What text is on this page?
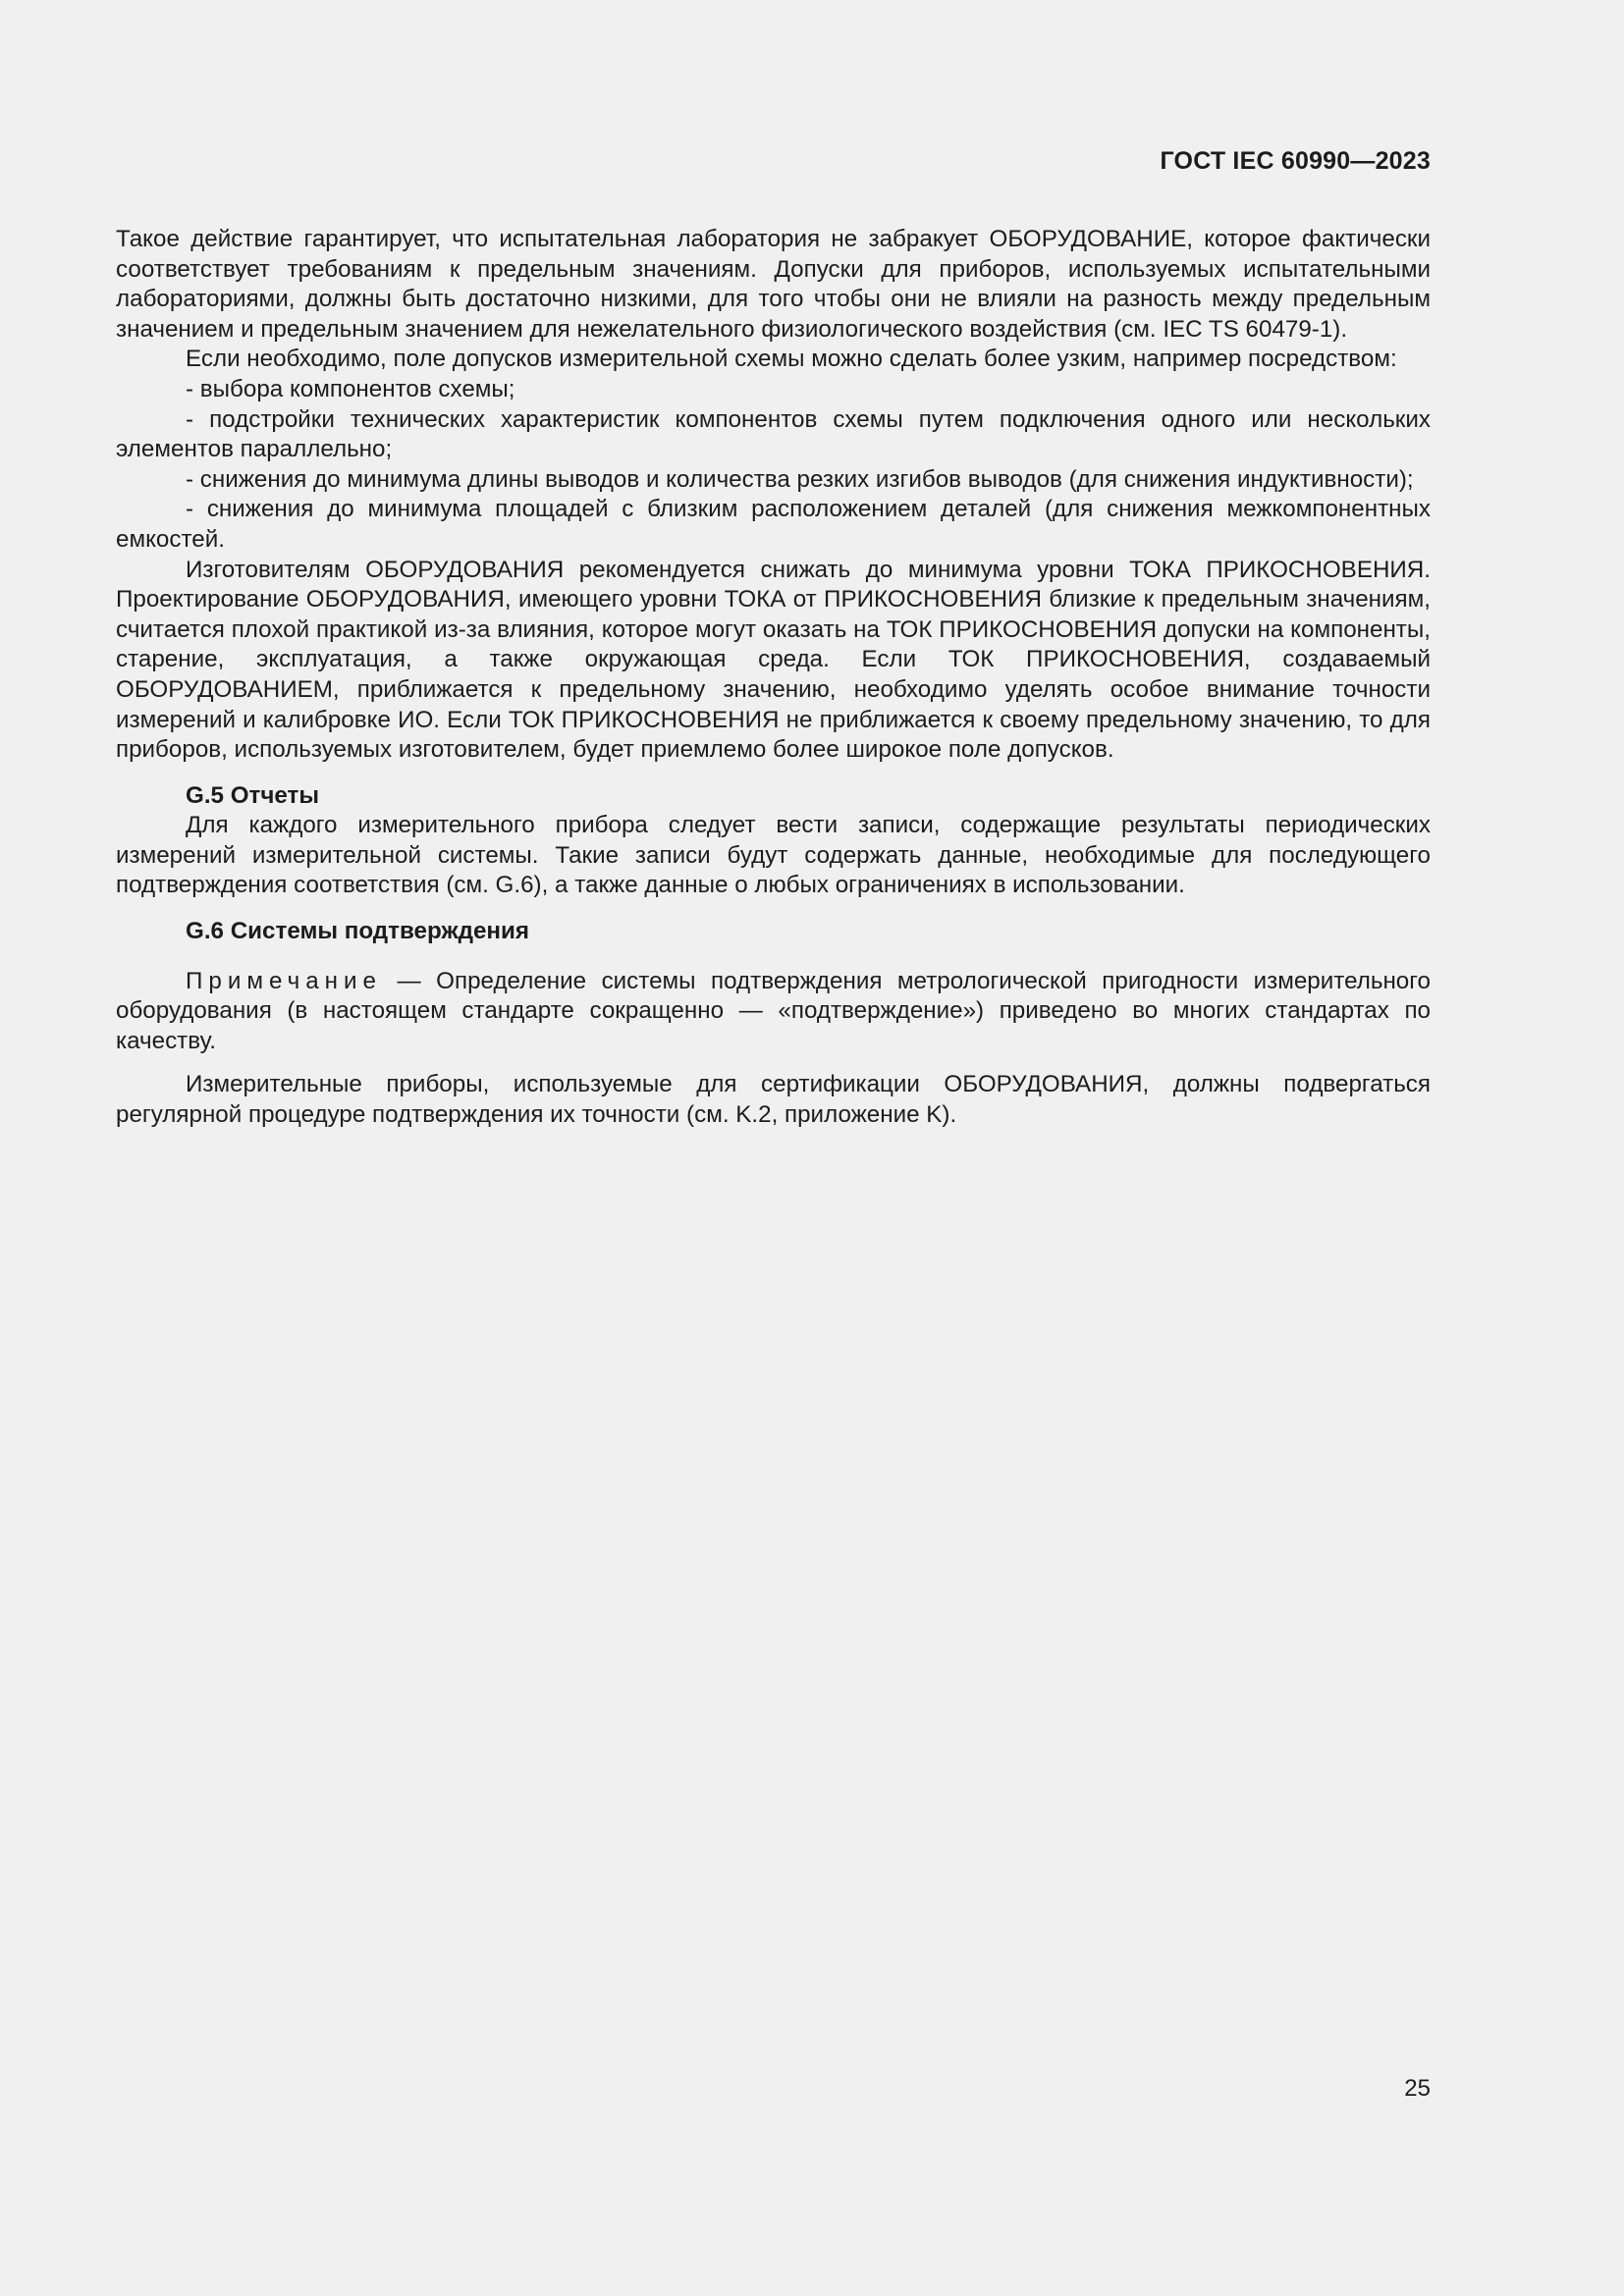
ГОСТ IEC 60990—2023

Такое действие гарантирует, что испытательная лаборатория не забракует ОБОРУДОВАНИЕ, которое фактически соответствует требованиям к предельным значениям. Допуски для приборов, используемых испытательными лабораториями, должны быть достаточно низкими, для того чтобы они не влияли на разность между предельным значением и предельным значением для нежелательного физиологического воздействия (см. IEC TS 60479-1).

Если необходимо, поле допусков измерительной схемы можно сделать более узким, например посредством:

- выбора компонентов схемы;

- подстройки технических характеристик компонентов схемы путем подключения одного или нескольких элементов параллельно;

- снижения до минимума длины выводов и количества резких изгибов выводов (для снижения индуктивности);

- снижения до минимума площадей с близким расположением деталей (для снижения межкомпонентных емкостей.

Изготовителям ОБОРУДОВАНИЯ рекомендуется снижать до минимума уровни ТОКА ПРИКОСНОВЕНИЯ. Проектирование ОБОРУДОВАНИЯ, имеющего уровни ТОКА от ПРИКОСНОВЕНИЯ близкие к предельным значениям, считается плохой практикой из-за влияния, которое могут оказать на ТОК ПРИКОСНОВЕНИЯ допуски на компоненты, старение, эксплуатация, а также окружающая среда. Если ТОК ПРИКОСНОВЕНИЯ, создаваемый ОБОРУДОВАНИЕМ, приближается к предельному значению, необходимо уделять особое внимание точности измерений и калибровке ИО. Если ТОК ПРИКОСНОВЕНИЯ не приближается к своему предельному значению, то для приборов, используемых изготовителем, будет приемлемо более широкое поле допусков.

G.5 Отчеты

Для каждого измерительного прибора следует вести записи, содержащие результаты периодических измерений измерительной системы. Такие записи будут содержать данные, необходимые для последующего подтверждения соответствия (см. G.6), а также данные о любых ограничениях в использовании.

G.6 Системы подтверждения

Примечание — Определение системы подтверждения метрологической пригодности измерительного оборудования (в настоящем стандарте сокращенно — «подтверждение») приведено во многих стандартах по качеству.

Измерительные приборы, используемые для сертификации ОБОРУДОВАНИЯ, должны подвергаться регулярной процедуре подтверждения их точности (см. K.2, приложение K).

25
